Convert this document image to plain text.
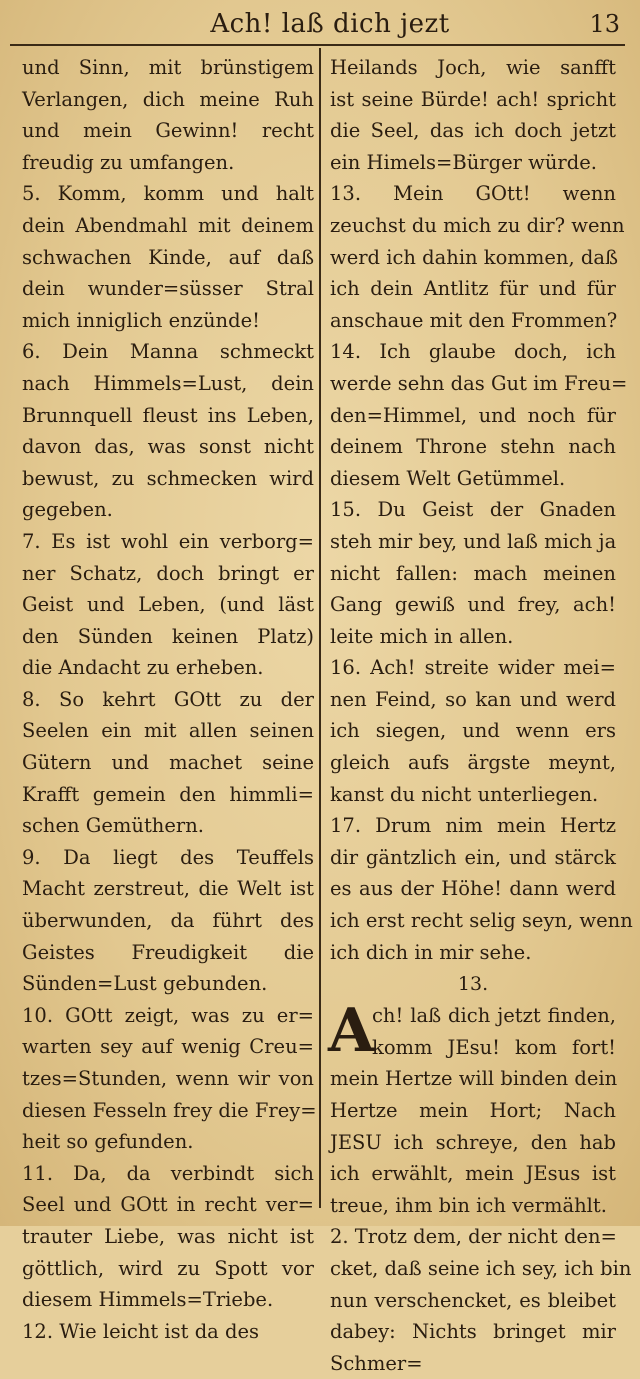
Ach! laß dich jezt	13
und Sinn, mit brünstigem
Verlangen, dich meine Ruh
und mein Gewinn! recht
freudig zu umfangen.
5. Komm, komm und halt
dein Abendmahl mit deinem
schwachen Kinde, auf daß
dein wunder=süsser Stral
mich inniglich enzünde!
6. Dein Manna schmeckt
nach Himmels=Lust, dein
Brunnquell fleust ins Leben,
davon das, was sonst nicht
bewust, zu schmecken wird
gegeben.
7. Es ist wohl ein verborg=
ner Schatz, doch bringt er
Geist und Leben, (und läst
den Sünden keinen Platz)
die Andacht zu erheben.
8. So kehrt GOtt zu der
Seelen ein mit allen seinen
Gütern und machet seine
Krafft gemein den himmli=
schen Gemüthern.
9. Da liegt des Teuffels
Macht zerstreut, die Welt ist
überwunden, da führt des
Geistes Freudigkeit die
Sünden=Lust gebunden.
10. GOtt zeigt, was zu er=
warten sey auf wenig Creu=
tzes=Stunden, wenn wir von
diesen Fesseln frey die Frey=
heit so gefunden.
11. Da, da verbindt sich
Seel und GOtt in recht ver=
trauter Liebe, was nicht ist
göttlich, wird zu Spott vor
diesem Himmels=Triebe.
12. Wie leicht ist da des
Heilands Joch, wie sanfft
ist seine Bürde! ach! spricht
die Seel, das ich doch jetzt
ein Himels=Bürger würde.
13. Mein GOtt! wenn
zeuchst du mich zu dir? wenn
werd ich dahin kommen, daß
ich dein Antlitz für und für
anschaue mit den Frommen?
14. Ich glaube doch, ich
werde sehn das Gut im Freu=
den=Himmel, und noch für
deinem Throne stehn nach
diesem Welt Getümmel.
15. Du Geist der Gnaden
steh mir bey, und laß mich ja
nicht fallen: mach meinen
Gang gewiß und frey, ach!
leite mich in allen.
16. Ach! streite wider mei=
nen Feind, so kan und werd
ich siegen, und wenn ers
gleich aufs ärgste meynt,
kanst du nicht unterliegen.
17. Drum nim mein Hertz
dir gäntzlich ein, und stärck
es aus der Höhe! dann werd
ich erst recht selig seyn, wenn
ich dich in mir sehe.
13.
A
ch! laß dich jetzt finden,
komm JEsu! kom fort!
mein Hertze will binden dein
Hertze mein Hort; Nach
JESU ich schreye, den hab
ich erwählt, mein JEsus ist
treue, ihm bin ich vermählt.
2. Trotz dem, der nicht den=
cket, daß seine ich sey, ich bin
nun verschencket, es bleibet
dabey: Nichts bringet mir
Schmer=
